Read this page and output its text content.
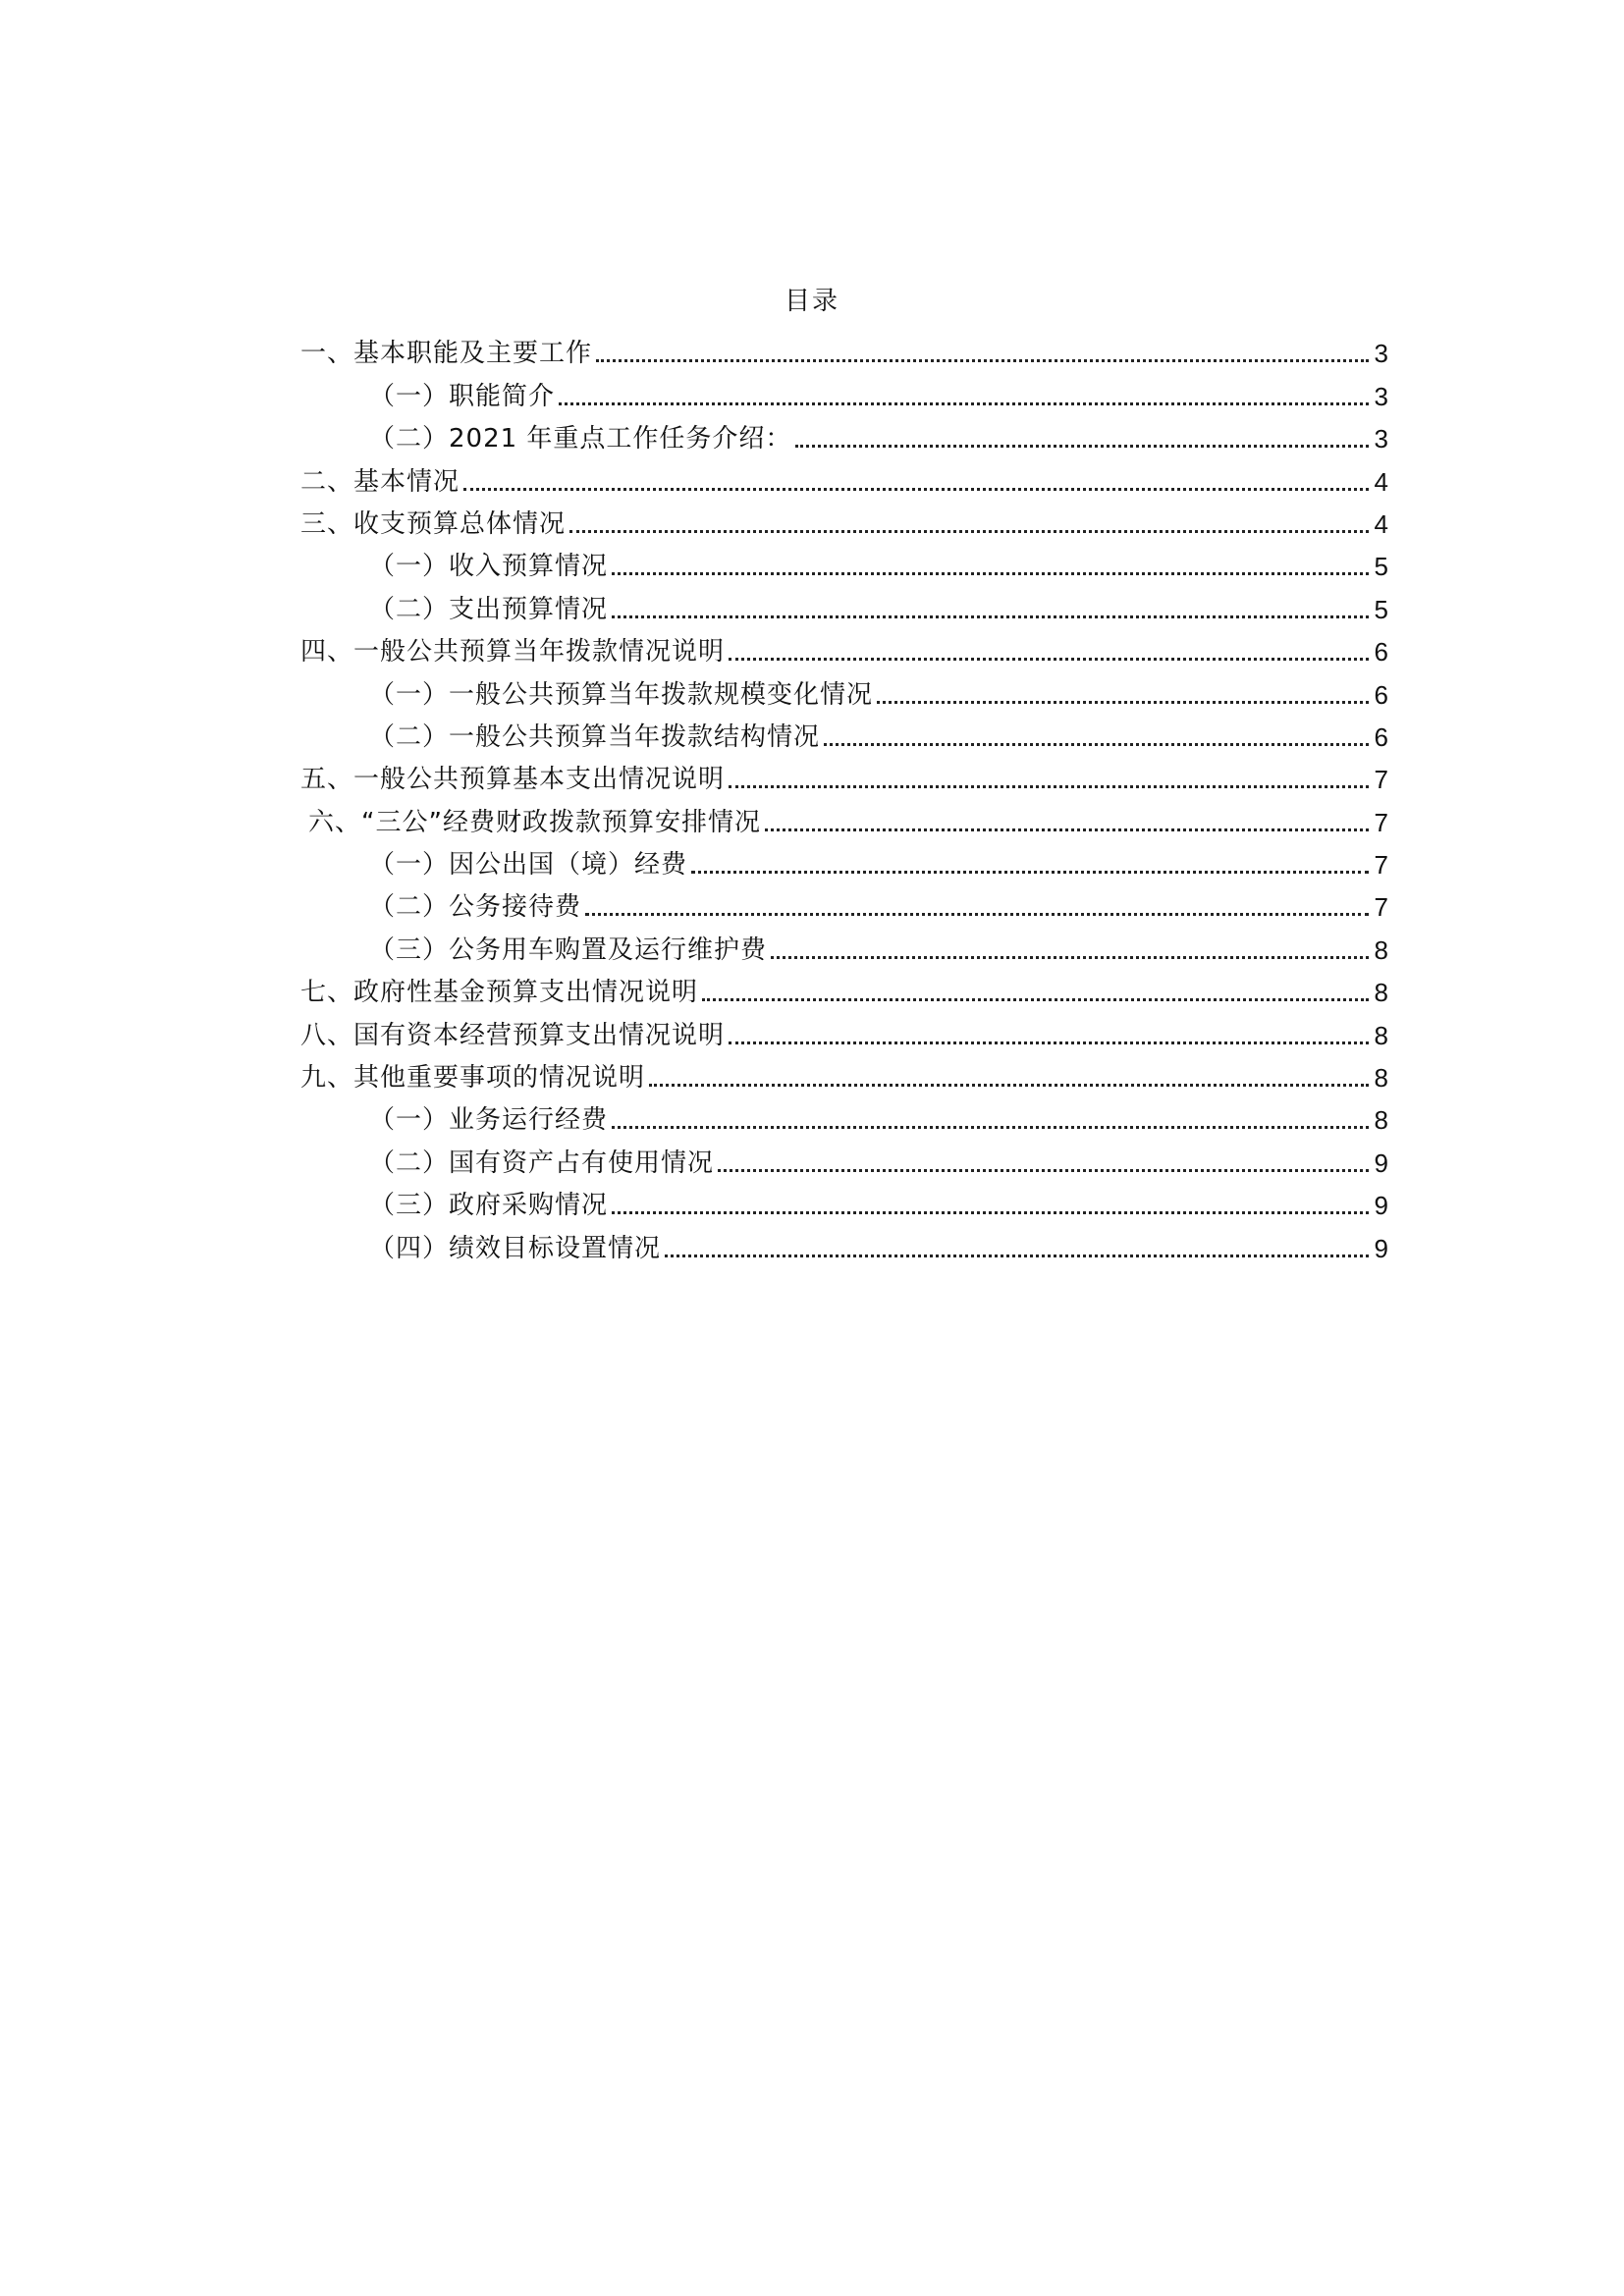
目录
一、基本职能及主要工作	3
（一）职能简介	3
（二）2021 年重点工作任务介绍：	3
二、基本情况	4
三、收支预算总体情况	4
（一）收入预算情况	5
（二）支出预算情况	5
四、一般公共预算当年拨款情况说明	6
（一）一般公共预算当年拨款规模变化情况	6
（二）一般公共预算当年拨款结构情况	6
五、一般公共预算基本支出情况说明	7
六、“三公”经费财政拨款预算安排情况	7
（一）因公出国（境）经费	7
（二）公务接待费	7
（三）公务用车购置及运行维护费	8
七、政府性基金预算支出情况说明	8
八、国有资本经营预算支出情况说明	8
九、其他重要事项的情况说明	8
（一）业务运行经费	8
（二）国有资产占有使用情况	9
（三）政府采购情况	9
（四）绩效目标设置情况	9
